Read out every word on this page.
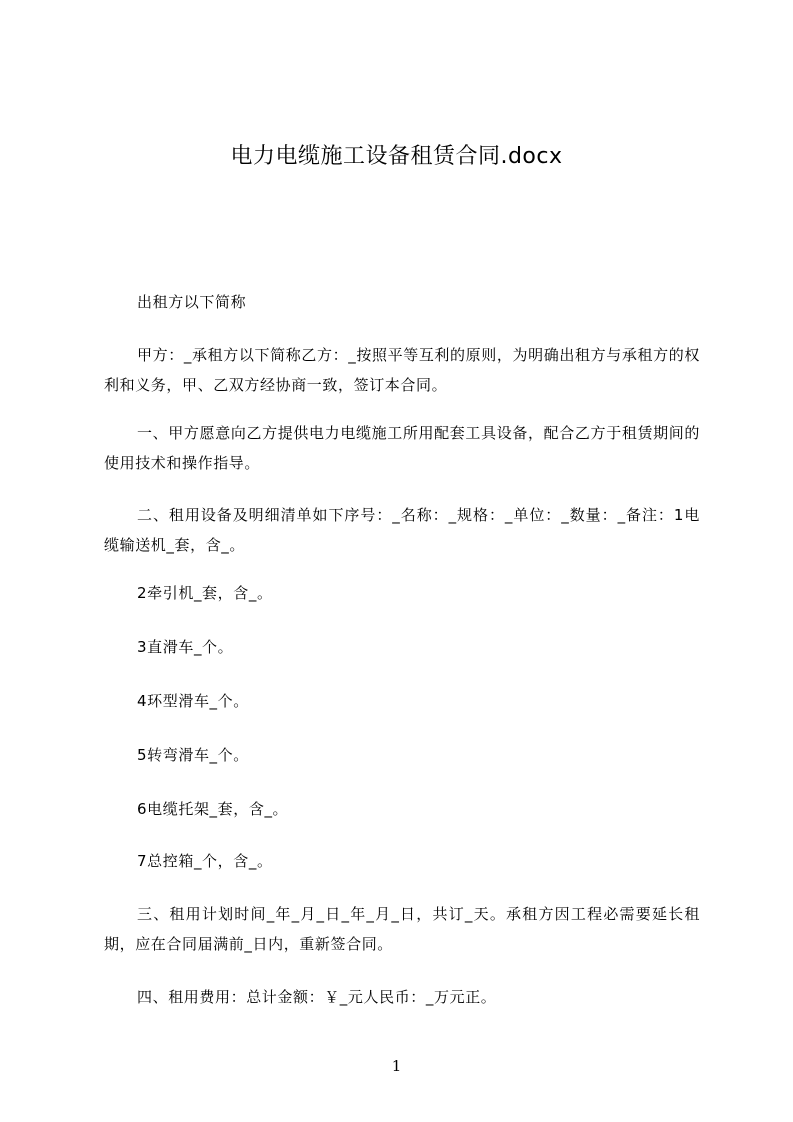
电力电缆施工设备租赁合同.docx
出租方以下简称
甲方：_承租方以下简称乙方：_按照平等互利的原则，为明确出租方与承租方的权利和义务，甲、乙双方经协商一致，签订本合同。
一、甲方愿意向乙方提供电力电缆施工所用配套工具设备，配合乙方于租赁期间的使用技术和操作指导。
二、租用设备及明细清单如下序号：_名称：_规格：_单位：_数量：_备注：1电缆输送机_套，含_。
2牵引机_套，含_。
3直滑车_个。
4环型滑车_个。
5转弯滑车_个。
6电缆托架_套，含_。
7总控箱_个，含_。
三、租用计划时间_年_月_日_年_月_日，共订_天。承租方因工程必需要延长租期，应在合同届满前_日内，重新签合同。
四、租用费用：总计金额：￥_元人民币：_万元正。
1
